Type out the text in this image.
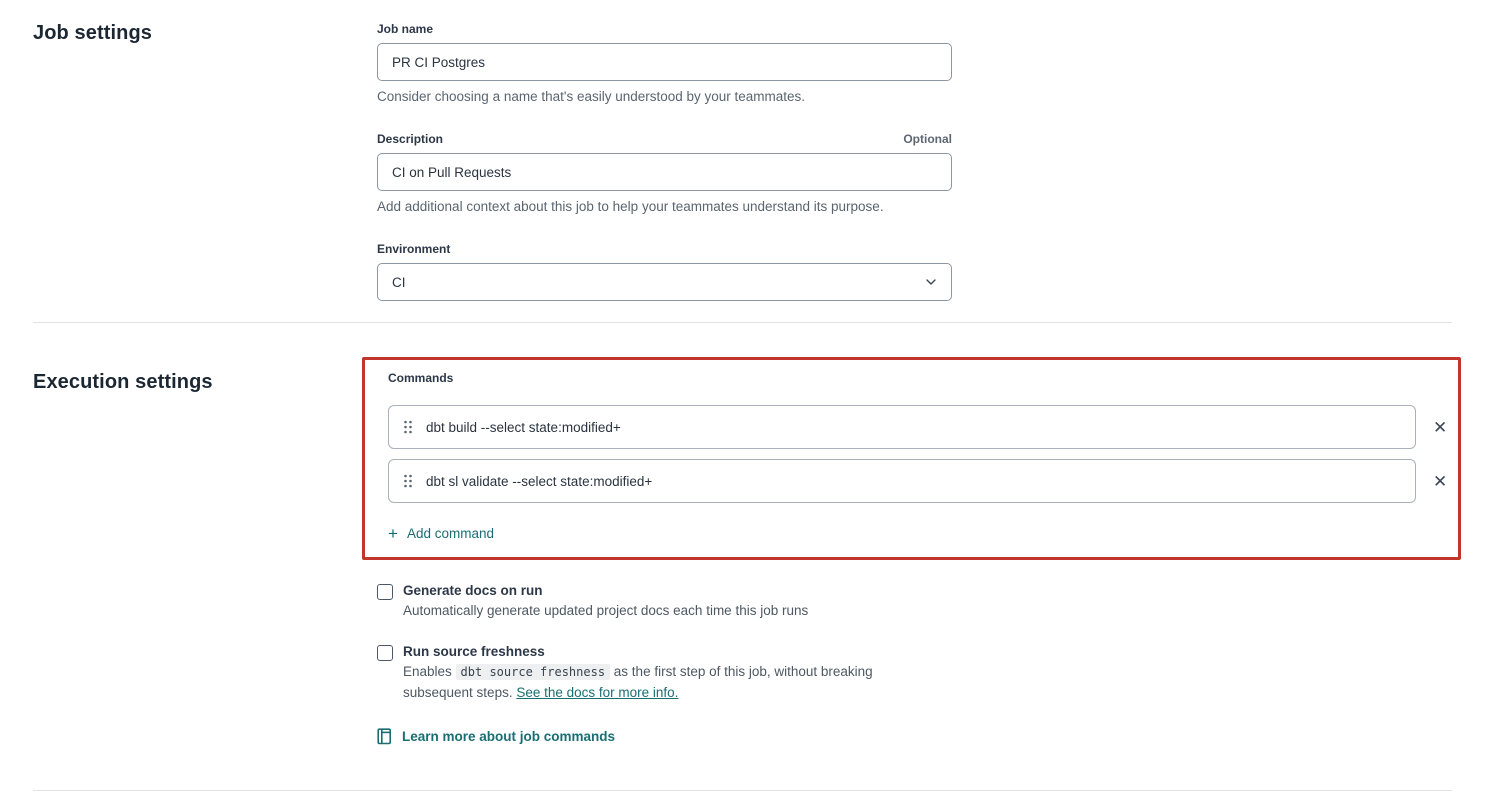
Job settings	Job name
PR CI Postgres
Consider choosing a name that's easily understood by your teammates.
Description	Optional
CI on Pull Requests
Add additional context about this job to help your teammates understand its purpose.
Environment
CI
Execution settings	Commands
dbt build --select state:modified+
✕
dbt sl validate --select state:modified+
✕
+ Add command
Generate docs on run
Automatically generate updated project docs each time this job runs
Run source freshness
Enables dbt source freshness as the first step of this job, without breaking subsequent steps. See the docs for more info.
Learn more about job commands
